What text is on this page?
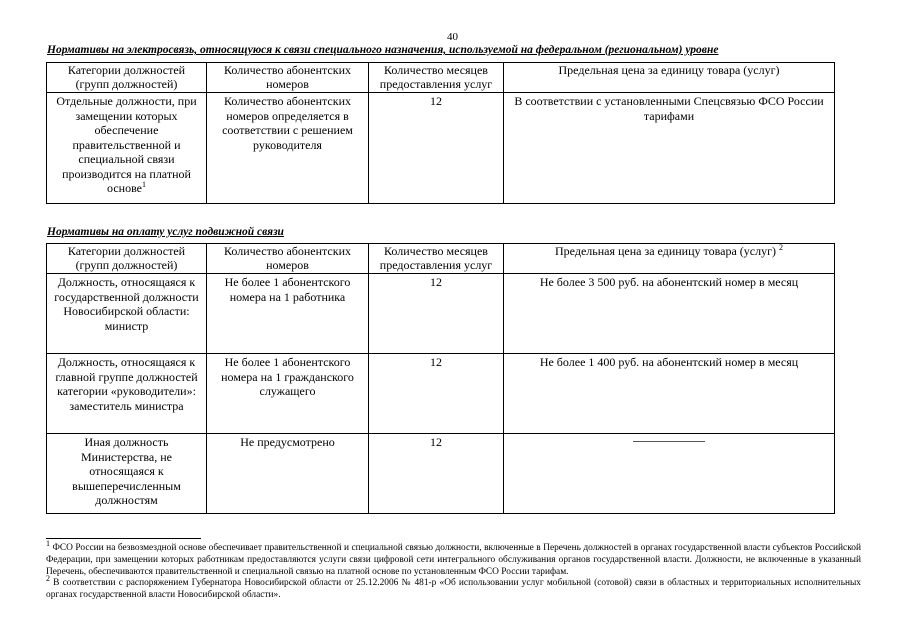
40
Нормативы на электросвязь, относящуюся к связи специального назначения, используемой на федеральном (региональном) уровне
Категории должностей (групп должностей)	Количество абонентских номеров	Количество месяцев предоставления услуг	Предельная цена за единицу товара (услуг)
Отдельные должности, при замещении которых обеспечение правительственной и специальной связи производится на платной основе$^1$	Количество абонентских номеров определяется в соответствии с решением руководителя	12	В соответствии с установленными Спецсвязью ФСО России тарифами
Нормативы на оплату услуг подвижной связи
Категории должностей (групп должностей)	Количество абонентских номеров	Количество месяцев предоставления услуг	Предельная цена за единицу товара (услуг) $^2$
Должность, относящаяся к государственной должности Новосибирской области: министр	Не более 1 абонентского номера на 1 работника	12	Не более 3 500 руб. на абонентский номер в месяц
Должность, относящаяся к главной группе должностей категории «руководители»: заместитель министра	Не более 1 абонентского номера на 1 гражданского служащего	12	Не более 1 400 руб. на абонентский номер в месяц
Иная должность Министерства, не относящаяся к вышеперечисленным должностям	Не предусмотрено	12	

$^1$ ФСО России на безвозмездной основе обеспечивает правительственной и специальной связью должности, включенные в Перечень должностей в органах государственной власти субъектов Российской Федерации, при замещении которых работникам предоставляются услуги связи цифровой сети интегрального обслуживания органов государственной власти. Должности, не включенные в указанный Перечень, обеспечиваются правительственной и специальной связью на платной основе по установленным ФСО России тарифам.

$^2$ В соответствии с распоряжением Губернатора Новосибирской области от 25.12.2006 № 481-р «Об использовании услуг мобильной (сотовой) связи в областных и территориальных исполнительных органах государственной власти Новосибирской области».
